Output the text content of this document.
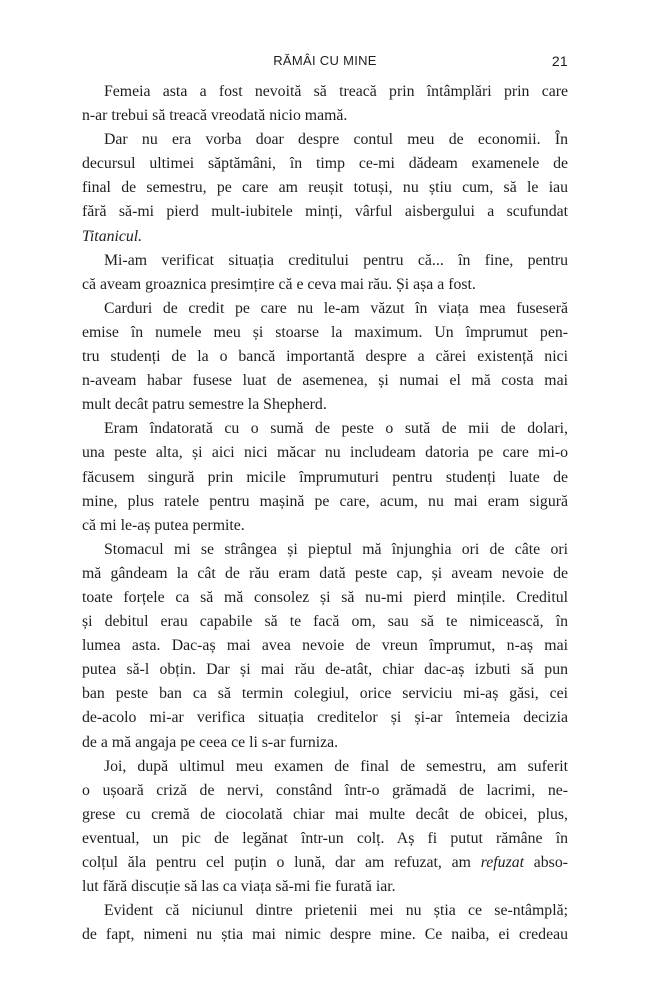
RĂMÂI CU MINE	21

Femeia asta a fost nevoită să treacă prin întâmplări prin care
n-ar trebui să treacă vreodată nicio mamă.

Dar nu era vorba doar despre contul meu de economii. În
decursul ultimei săptămâni, în timp ce-mi dădeam examenele de
final de semestru, pe care am reușit totuși, nu știu cum, să le iau
fără să-mi pierd mult-iubitele minți, vârful aisbergului a scufundat
Titanicul.

Mi-am verificat situația creditului pentru că... în fine, pentru
că aveam groaznica presimțire că e ceva mai rău. Și așa a fost.

Carduri de credit pe care nu le-am văzut în viața mea fuseseră
emise în numele meu și stoarse la maximum. Un împrumut pen-
tru studenți de la o bancă importantă despre a cărei existență nici
n-aveam habar fusese luat de asemenea, și numai el mă costa mai
mult decât patru semestre la Shepherd.

Eram îndatorată cu o sumă de peste o sută de mii de dolari,
una peste alta, și aici nici măcar nu includeam datoria pe care mi-o
făcusem singură prin micile împrumuturi pentru studenți luate de
mine, plus ratele pentru mașină pe care, acum, nu mai eram sigură
că mi le-aș putea permite.

Stomacul mi se strângea și pieptul mă înjunghia ori de câte ori
mă gândeam la cât de rău eram dată peste cap, și aveam nevoie de
toate forțele ca să mă consolez și să nu-mi pierd mințile. Creditul
și debitul erau capabile să te facă om, sau să te nimicească, în
lumea asta. Dac-aș mai avea nevoie de vreun împrumut, n-aș mai
putea să-l obțin. Dar și mai rău de-atât, chiar dac-aș izbuti să pun
ban peste ban ca să termin colegiul, orice serviciu mi-aș găsi, cei
de-acolo mi-ar verifica situația creditelor și și-ar întemeia decizia
de a mă angaja pe ceea ce li s-ar furniza.

Joi, după ultimul meu examen de final de semestru, am suferit
o ușoară criză de nervi, constând într-o grămadă de lacrimi, ne-
grese cu cremă de ciocolată chiar mai multe decât de obicei, plus,
eventual, un pic de legănat într-un colț. Aș fi putut rămâne în
colțul ăla pentru cel puțin o lună, dar am refuzat, am refuzat abso-
lut fără discuție să las ca viața să-mi fie furată iar.

Evident că niciunul dintre prietenii mei nu știa ce se-ntâmplă;
de fapt, nimeni nu știa mai nimic despre mine. Ce naiba, ei credeau
